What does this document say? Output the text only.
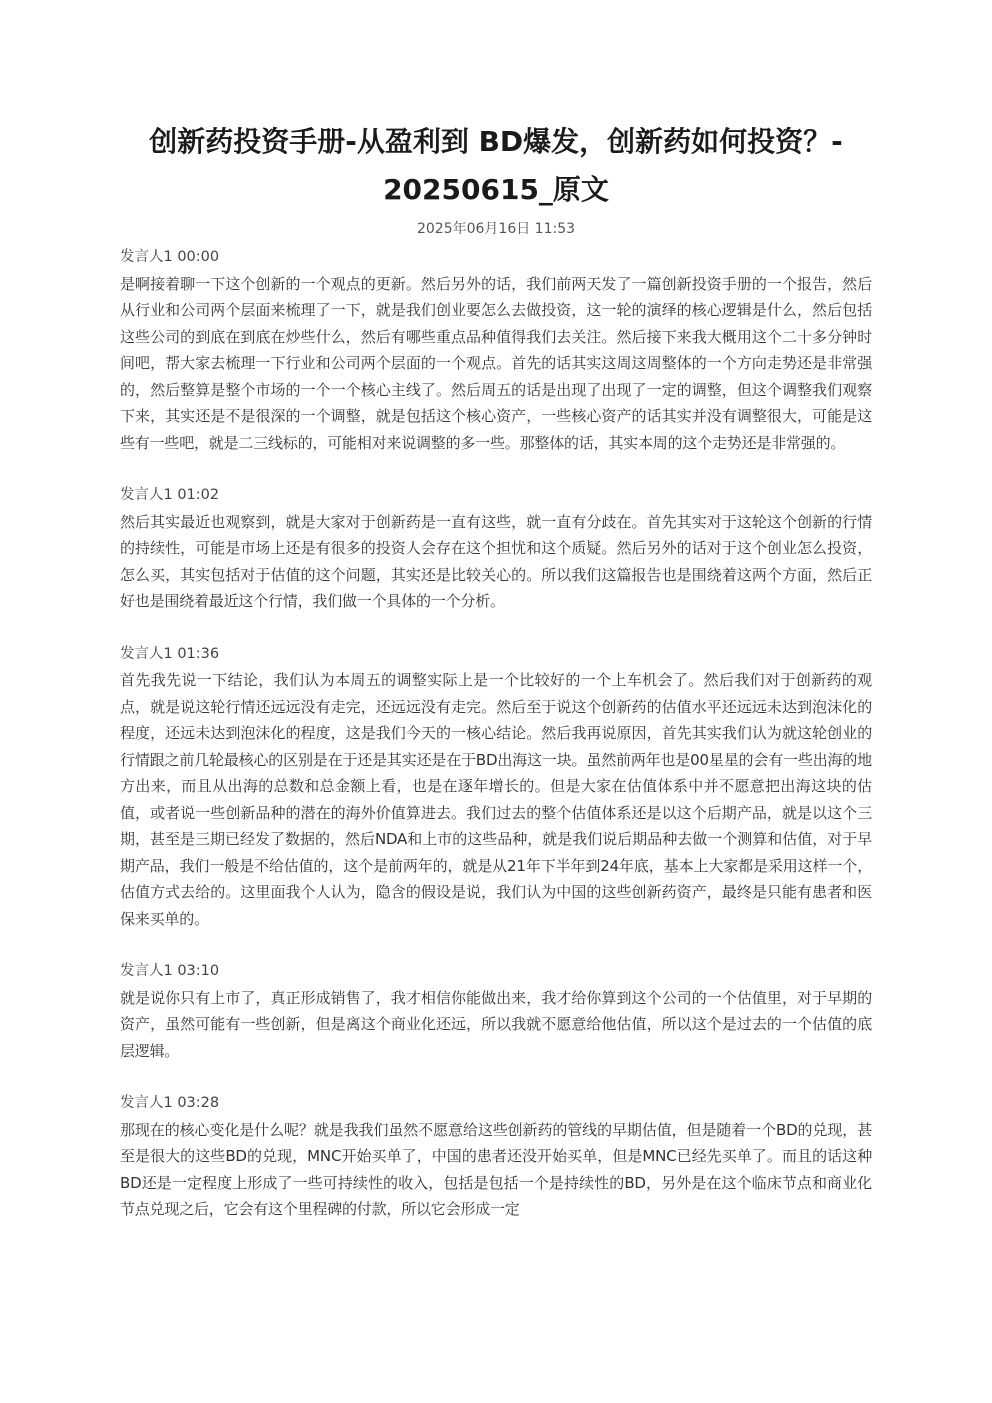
创新药投资手册-从盈利到 BD爆发，创新药如何投资？- 20250615_原文
2025年06月16日 11:53
发言人1 00:00

是啊接着聊一下这个创新的一个观点的更新。然后另外的话，我们前两天发了一篇创新投资手册的一个报告，然后从行业和公司两个层面来梳理了一下，就是我们创业要怎么去做投资，这一轮的演绎的核心逻辑是什么，然后包括这些公司的到底在到底在炒些什么，然后有哪些重点品种值得我们去关注。然后接下来我大概用这个二十多分钟时间吧，帮大家去梳理一下行业和公司两个层面的一个观点。首先的话其实这周这周整体的一个方向走势还是非常强的，然后整算是整个市场的一个一个核心主线了。然后周五的话是出现了出现了一定的调整，但这个调整我们观察下来，其实还是不是很深的一个调整，就是包括这个核心资产，一些核心资产的话其实并没有调整很大，可能是这些有一些吧，就是二三线标的，可能相对来说调整的多一些。那整体的话，其实本周的这个走势还是非常强的。

发言人1 01:02

然后其实最近也观察到，就是大家对于创新药是一直有这些，就一直有分歧在。首先其实对于这轮这个创新的行情的持续性，可能是市场上还是有很多的投资人会存在这个担忧和这个质疑。然后另外的话对于这个创业怎么投资，怎么买，其实包括对于估值的这个问题，其实还是比较关心的。所以我们这篇报告也是围绕着这两个方面，然后正好也是围绕着最近这个行情，我们做一个具体的一个分析。

发言人1 01:36

首先我先说一下结论，我们认为本周五的调整实际上是一个比较好的一个上车机会了。然后我们对于创新药的观点，就是说这轮行情还远远没有走完，还远远没有走完。然后至于说这个创新药的估值水平还远远未达到泡沫化的程度，还远未达到泡沫化的程度，这是我们今天的一核心结论。然后我再说原因，首先其实我们认为就这轮创业的行情跟之前几轮最核心的区别是在于还是其实还是在于BD出海这一块。虽然前两年也是00星星的会有一些出海的地方出来，而且从出海的总数和总金额上看，也是在逐年增长的。但是大家在估值体系中并不愿意把出海这块的估值，或者说一些创新品种的潜在的海外价值算进去。我们过去的整个估值体系还是以这个后期产品，就是以这个三期，甚至是三期已经发了数据的，然后NDA和上市的这些品种，就是我们说后期品种去做一个测算和估值，对于早期产品，我们一般是不给估值的，这个是前两年的，就是从21年下半年到24年底，基本上大家都是采用这样一个，估值方式去给的。这里面我个人认为，隐含的假设是说，我们认为中国的这些创新药资产，最终是只能有患者和医保来买单的。

发言人1 03:10

就是说你只有上市了，真正形成销售了，我才相信你能做出来，我才给你算到这个公司的一个估值里，对于早期的资产，虽然可能有一些创新，但是离这个商业化还远，所以我就不愿意给他估值，所以这个是过去的一个估值的底层逻辑。

发言人1 03:28

那现在的核心变化是什么呢？就是我我们虽然不愿意给这些创新药的管线的早期估值，但是随着一个BD的兑现，甚至是很大的这些BD的兑现，MNC开始买单了，中国的患者还没开始买单，但是MNC已经先买单了。而且的话这种BD还是一定程度上形成了一些可持续性的收入，包括是包括一个是持续性的BD，另外是在这个临床节点和商业化节点兑现之后，它会有这个里程碑的付款，所以它会形成一定
